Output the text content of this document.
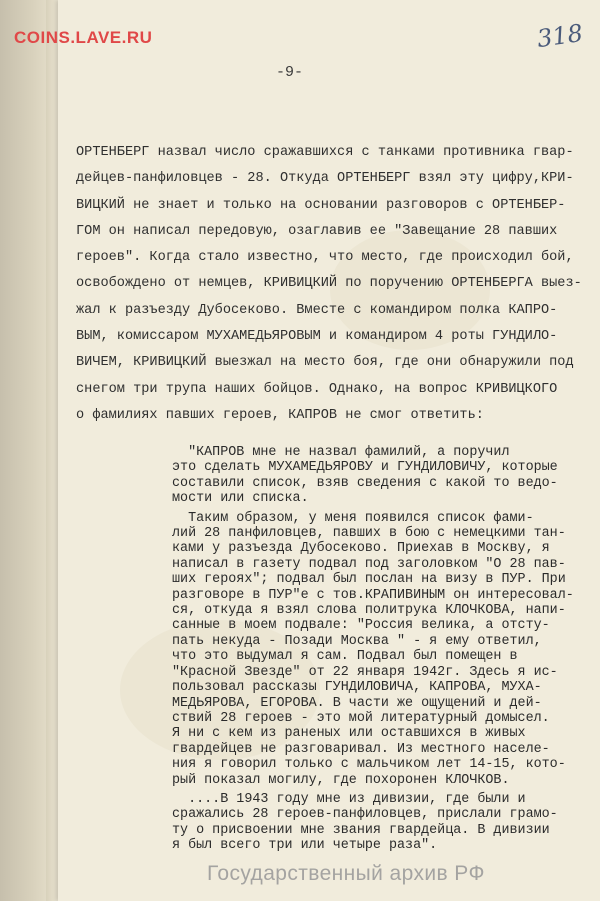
COINS.LAVE.RU	318
-9-
ОРТЕНБЕРГ назвал число сражавшихся с танками противника гвар-
дейцев-панфиловцев - 28. Откуда ОРТЕНБЕРГ взял эту цифру,КРИ-
ВИЦКИЙ не знает и только на основании разговоров с ОРТЕНБЕР-
ГОМ он написал передовую, озаглавив ее "Завещание 28 павших
героев". Когда стало известно, что место, где происходил бой,
освобождено от немцев, КРИВИЦКИЙ по поручению ОРТЕНБЕРГА выез-
жал к разъезду Дубосеково. Вместе с командиром полка КАПРО-
ВЫМ, комиссаром МУХАМЕДЬЯРОВЫМ и командиром 4 роты ГУНДИЛО-
ВИЧЕМ, КРИВИЦКИЙ выезжал на место боя, где они обнаружили под
снегом три трупа наших бойцов. Однако, на вопрос КРИВИЦКОГО
о фамилиях павших героев, КАПРОВ не смог ответить:
"КАПРОВ мне не назвал фамилий, а поручил
это сделать МУХАМЕДЬЯРОВУ и ГУНДИЛОВИЧУ, которые
составили список, взяв сведения с какой то ведо-
мости или списка.
Таким образом, у меня появился список фами-
лий 28 панфиловцев, павших в бою с немецкими тан-
ками у разъезда Дубосеково. Приехав в Москву, я
написал в газету подвал под заголовком "О 28 пав-
ших героях"; подвал был послан на визу в ПУР. При
разговоре в ПУР"е с тов.КРАПИВИНЫМ он интересовал-
ся, откуда я взял слова политрука КЛОЧКОВА, напи-
санные в моем подвале: "Россия велика, а отсту-
пать некуда - Позади Москва " - я ему ответил,
что это выдумал я сам. Подвал был помещен в
"Красной Звезде" от 22 января 1942г. Здесь я ис-
пользовал рассказы ГУНДИЛОВИЧА, КАПРОВА, МУХА-
МЕДЬЯРОВА, ЕГОРОВА. В части же ощущений и дей-
ствий 28 героев - это мой литературный домысел.
Я ни с кем из раненых или оставшихся в живых
гвардейцев не разговаривал. Из местного населе-
ния я говорил только с мальчиком лет 14-15, кото-
рый показал могилу, где похоронен КЛОЧКОВ.
....В 1943 году мне из дивизии, где были и
сражались 28 героев-панфиловцев, прислали грамо-
ту о присвоении мне звания гвардейца. В дивизии
я был всего три или четыре раза".
Государственный архив РФ
